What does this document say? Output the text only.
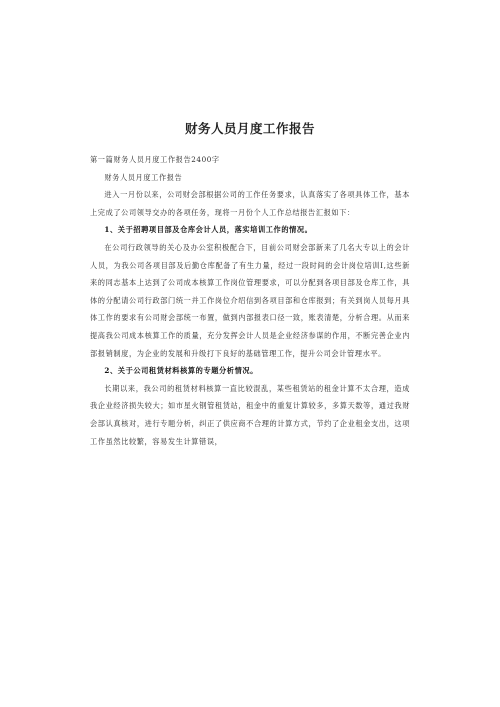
财务人员月度工作报告

第一篇财务人员月度工作报告2400字

财务人员月度工作报告

进入一月份以来，公司财会部根据公司的工作任务要求，认真落实了各项具体工作，基本上完成了公司领导交办的各项任务，现将一月份个人工作总结报告汇报如下：

1、关于招聘项目部及仓库会计人员，落实培训工作的情况。

在公司行政领导的关心及办公室积极配合下，目前公司财会部新来了几名大专以上的会计人员，为我公司各项目部及后勤仓库配备了有生力量，经过一段时间的会计岗位培训I,这些新来的同志基本上达到了公司成本核算工作岗位管理要求，可以分配到各项目部及仓库工作，具体的分配请公司行政部门统一并工作岗位介绍信到各项目部和仓库报到；有关到岗人员每月具体工作的要求有公司财会部统一布置，做到内部报表口径一致，账表清楚，分析合理。从而来提高我公司成本核算工作的质量，充分发挥会计人员是企业经济参谋的作用，不断完善企业内部报销制度，为企业的发展和升级打下良好的基础管理工作，提升公司会计管理水平。

2、关于公司租赁材料核算的专题分析情况。

长期以来，我公司的租赁材料核算一直比较混乱，某些租赁站的租金计算不太合理，造成我企业经济损失较大；如市星火钢管租赁站，租金中的重复计算较多，多算天数等，通过我财会部认真核对，进行专题分析，纠正了供应商不合理的计算方式，节约了企业租金支出，这项工作虽然比较繁，容易发生计算错误，
